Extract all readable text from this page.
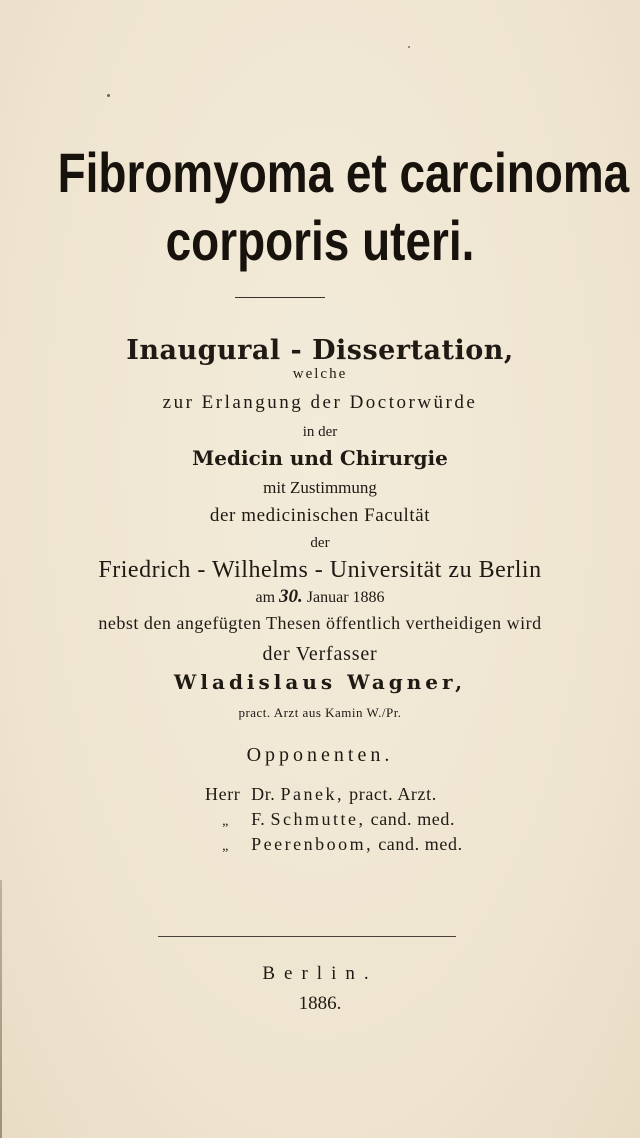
Fibromyoma et carcinoma
corporis uteri.
Inaugural - Dissertation,
welche
zur Erlangung der Doctorwürde
in der
Medicin und Chirurgie
mit Zustimmung
der medicinischen Facultät
der
Friedrich - Wilhelms - Universität zu Berlin
am 30. Januar 1886
nebst den angefügten Thesen öffentlich vertheidigen wird
der Verfasser
Wladislaus Wagner,
pract. Arzt aus Kamin W./Pr.
Opponenten.
Herr Dr. Panek, pract. Arzt.
„ F. Schmutte, cand. med.
„ Peerenboom, cand. med.
Berlin.
1886.
